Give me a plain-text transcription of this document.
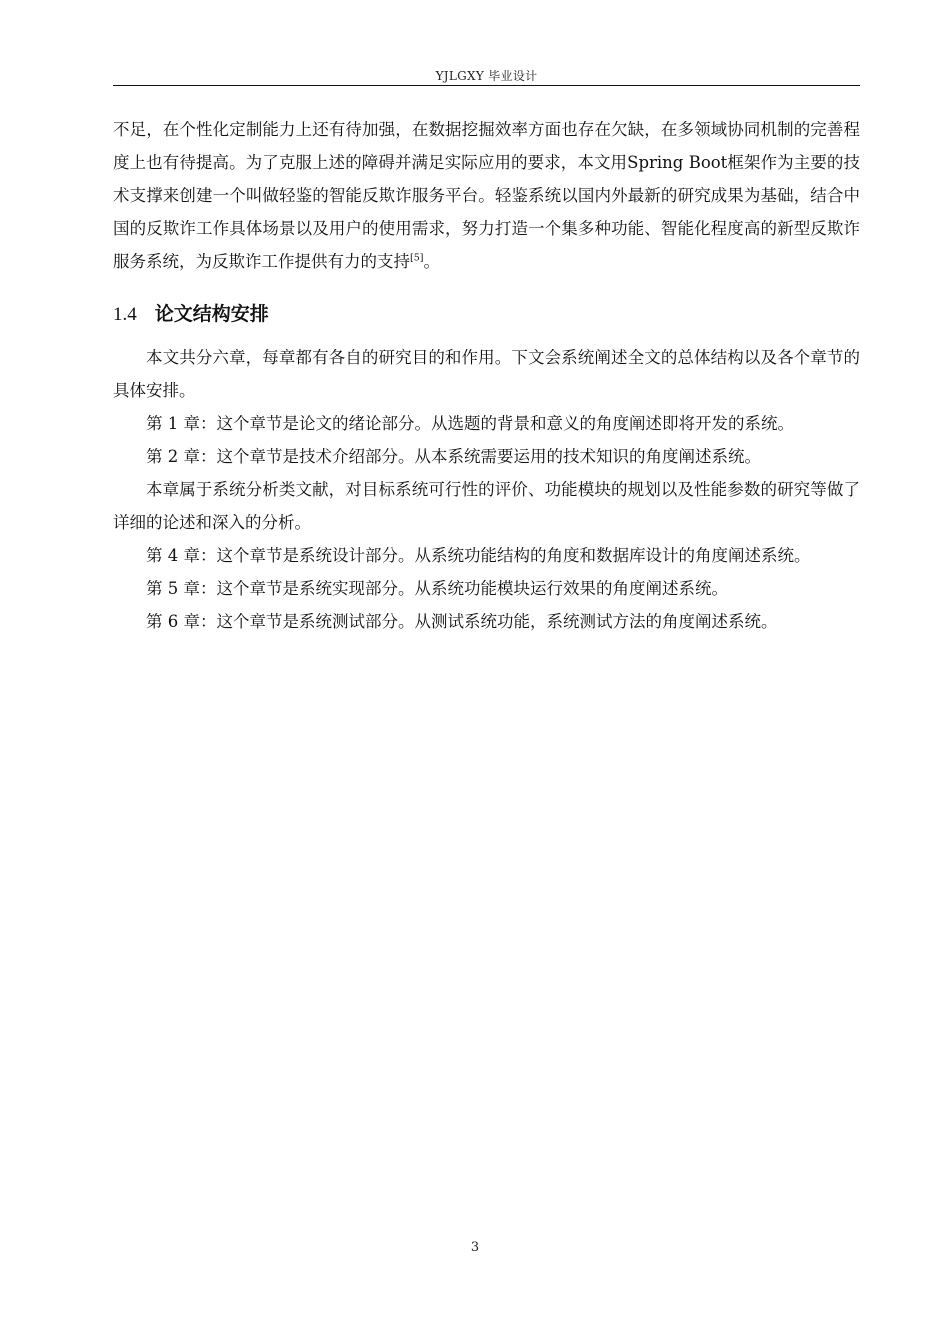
YJLGXY 毕业设计

不足，在个性化定制能力上还有待加强，在数据挖掘效率方面也存在欠缺，在多领域协同机制的完善程度上也有待提高。为了克服上述的障碍并满足实际应用的要求，本文用Spring Boot框架作为主要的技术支撑来创建一个叫做轻鉴的智能反欺诈服务平台。轻鉴系统以国内外最新的研究成果为基础，结合中国的反欺诈工作具体场景以及用户的使用需求，努力打造一个集多种功能、智能化程度高的新型反欺诈服务系统，为反欺诈工作提供有力的支持[5]。

1.4 论文结构安排

本文共分六章，每章都有各自的研究目的和作用。下文会系统阐述全文的总体结构以及各个章节的具体安排。

第 1 章：这个章节是论文的绪论部分。从选题的背景和意义的角度阐述即将开发的系统。

第 2 章：这个章节是技术介绍部分。从本系统需要运用的技术知识的角度阐述系统。

本章属于系统分析类文献，对目标系统可行性的评价、功能模块的规划以及性能参数的研究等做了详细的论述和深入的分析。

第 4 章：这个章节是系统设计部分。从系统功能结构的角度和数据库设计的角度阐述系统。

第 5 章：这个章节是系统实现部分。从系统功能模块运行效果的角度阐述系统。

第 6 章：这个章节是系统测试部分。从测试系统功能，系统测试方法的角度阐述系统。

3
